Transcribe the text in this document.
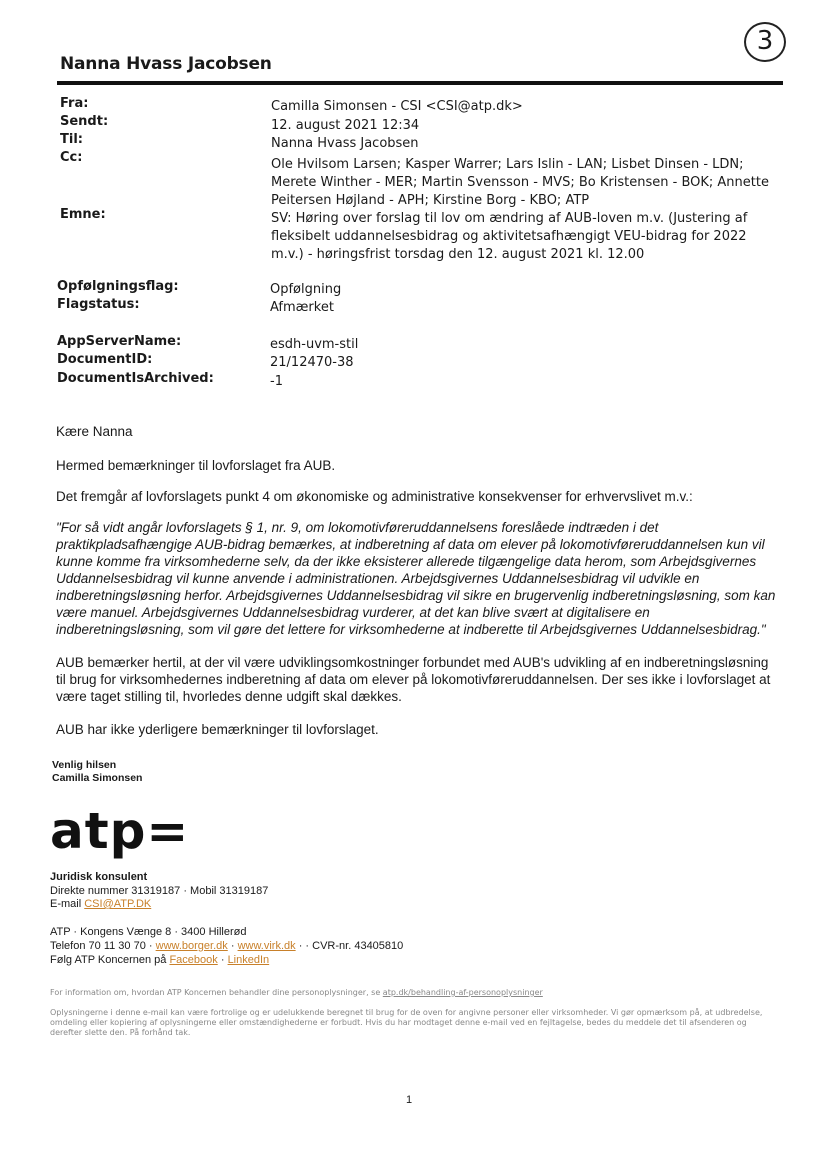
3
Nanna Hvass Jacobsen
Fra:	Camilla Simonsen - CSI <CSI@atp.dk>
Sendt:	12. august 2021 12:34
Til:	Nanna Hvass Jacobsen
Cc:	Ole Hvilsom Larsen; Kasper Warrer; Lars Islin - LAN; Lisbet Dinsen - LDN; Merete Winther - MER; Martin Svensson - MVS; Bo Kristensen - BOK; Annette Peitersen Højland - APH; Kirstine Borg - KBO; ATP
Emne:	SV: Høring over forslag til lov om ændring af AUB-loven m.v. (Justering af fleksibelt uddannelsesbidrag og aktivitetsafhængigt VEU-bidrag for 2022 m.v.) - høringsfrist torsdag den 12. august 2021 kl. 12.00
Opfølgningsflag:	Opfølgning
Flagstatus:	Afmærket
AppServerName:	esdh-uvm-stil
DocumentID:	21/12470-38
DocumentIsArchived:	-1

Kære Nanna

Hermed bemærkninger til lovforslaget fra AUB.

Det fremgår af lovforslagets punkt 4 om økonomiske og administrative konsekvenser for erhvervslivet m.v.:

"For så vidt angår lovforslagets § 1, nr. 9, om lokomotivføreruddannelsens foreslåede indtræden i det praktikpladsafhængige AUB-bidrag bemærkes, at indberetning af data om elever på lokomotivføreruddannelsen kun vil kunne komme fra virksomhederne selv, da der ikke eksisterer allerede tilgængelige data herom, som Arbejdsgivernes Uddannelsesbidrag vil kunne anvende i administrationen. Arbejdsgivernes Uddannelsesbidrag vil udvikle en indberetningsløsning herfor. Arbejdsgivernes Uddannelsesbidrag vil sikre en brugervenlig indberetningsløsning, som kan være manuel. Arbejdsgivernes Uddannelsesbidrag vurderer, at det kan blive svært at digitalisere en indberetningsløsning, som vil gøre det lettere for virksomhederne at indberette til Arbejdsgivernes Uddannelsesbidrag."

AUB bemærker hertil, at der vil være udviklingsomkostninger forbundet med AUB's udvikling af en indberetningsløsning til brug for virksomhedernes indberetning af data om elever på lokomotivføreruddannelsen. Der ses ikke i lovforslaget at være taget stilling til, hvorledes denne udgift skal dækkes.

AUB har ikke yderligere bemærkninger til lovforslaget.

Venlig hilsen
Camilla Simonsen
atp=
Juridisk konsulent
Direkte nummer 31319187 · Mobil 31319187
E-mail CSI@ATP.DK
ATP · Kongens Vænge 8 · 3400 Hillerød
Telefon 70 11 30 70 · www.borger.dk · www.virk.dk · · CVR-nr. 43405810
Følg ATP Koncernen på Facebook · LinkedIn
For information om, hvordan ATP Koncernen behandler dine personoplysninger, se atp.dk/behandling-af-personoplysninger
Oplysningerne i denne e-mail kan være fortrolige og er udelukkende beregnet til brug for de oven for angivne personer eller virksomheder. Vi gør opmærksom på, at udbredelse, omdeling eller kopiering af oplysningerne eller omstændighederne er forbudt. Hvis du har modtaget denne e-mail ved en fejltagelse, bedes du meddele det til afsenderen og derefter slette den. På forhånd tak.
1
